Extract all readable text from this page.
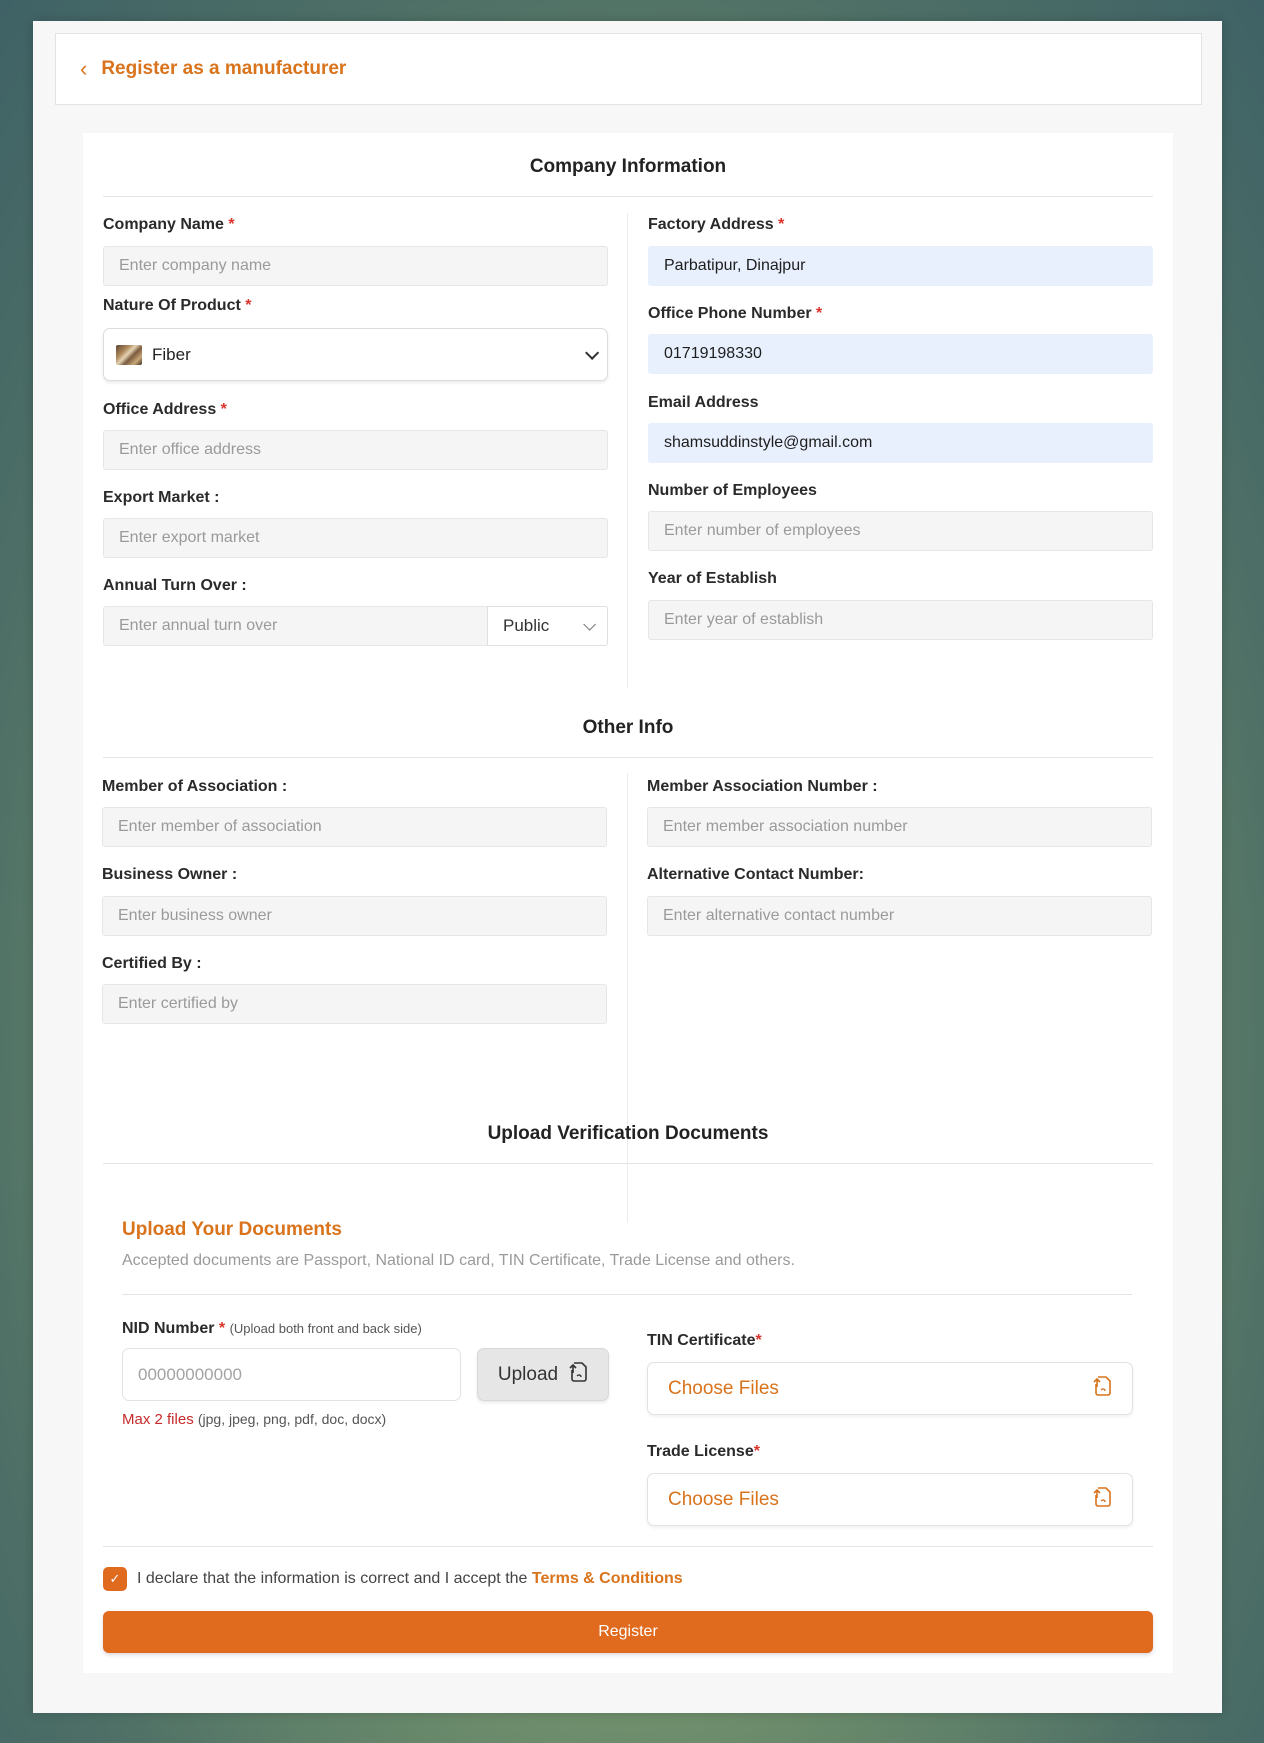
‹ Register as a manufacturer
Company Information
Company Name *
Enter company name
Nature Of Product *
Fiber
Office Address *
Enter office address
Export Market :
Enter export market
Annual Turn Over :
Enter annual turn over	Public
Factory Address *
Parbatipur, Dinajpur
Office Phone Number *
01719198330
Email Address
shamsuddinstyle@gmail.com
Number of Employees
Enter number of employees
Year of Establish
Enter year of establish
Other Info
Member of Association :
Enter member of association
Business Owner :
Enter business owner
Certified By :
Enter certified by
Member Association Number :
Enter member association number
Alternative Contact Number:
Enter alternative contact number
Upload Verification Documents
Upload Your Documents
Accepted documents are Passport, National ID card, TIN Certificate, Trade License and others.
NID Number * (Upload both front and back side)
00000000000	Upload
Max 2 files (jpg, jpeg, png, pdf, doc, docx)
TIN Certificate*
Choose Files
Trade License*
Choose Files
✓ I declare that the information is correct and I accept the Terms & Conditions
Register
